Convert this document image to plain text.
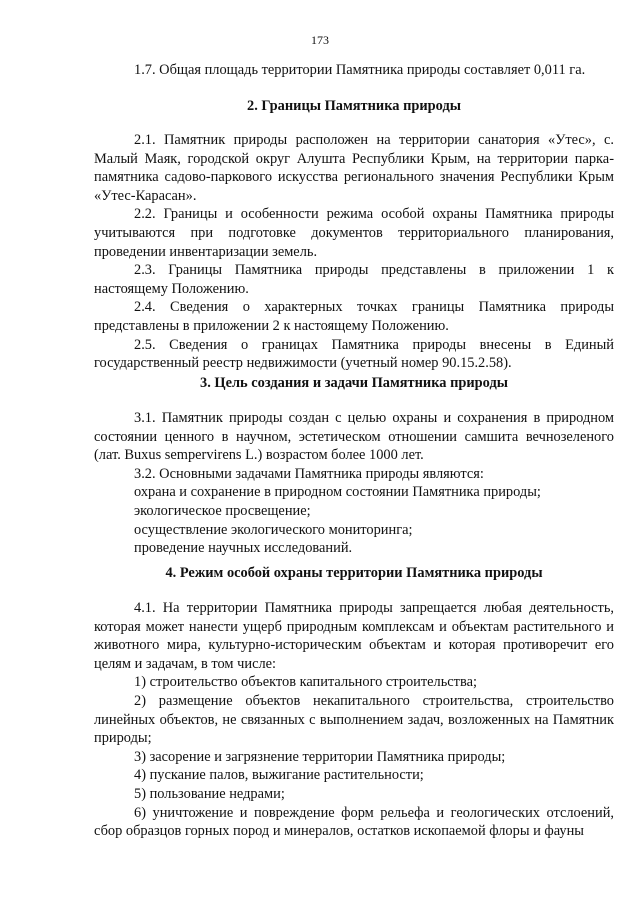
173

1.7. Общая площадь территории Памятника природы составляет 0,011 га.

2. Границы Памятника природы

2.1. Памятник природы расположен на территории санатория «Утес», с. Малый Маяк, городской округ Алушта Республики Крым, на территории парка-памятника садово-паркового искусства регионального значения Республики Крым «Утес-Карасан».

2.2. Границы и особенности режима особой охраны Памятника природы учитываются при подготовке документов территориального планирования, проведении инвентаризации земель.

2.3. Границы Памятника природы представлены в приложении 1 к настоящему Положению.

2.4. Сведения о характерных точках границы Памятника природы представлены в приложении 2 к настоящему Положению.

2.5. Сведения о границах Памятника природы внесены в Единый государственный реестр недвижимости (учетный номер 90.15.2.58).

3. Цель создания и задачи Памятника природы

3.1. Памятник природы создан с целью охраны и сохранения в природном состоянии ценного в научном, эстетическом отношении самшита вечнозеленого (лат. Buxus sempervirens L.) возрастом более 1000 лет.

3.2. Основными задачами Памятника природы являются:

охрана и сохранение в природном состоянии Памятника природы;

экологическое просвещение;

осуществление экологического мониторинга;

проведение научных исследований.

4. Режим особой охраны территории Памятника природы

4.1. На территории Памятника природы запрещается любая деятельность, которая может нанести ущерб природным комплексам и объектам растительного и животного мира, культурно-историческим объектам и которая противоречит его целям и задачам, в том числе:

1) строительство объектов капитального строительства;

2) размещение объектов некапитального строительства, строительство линейных объектов, не связанных с выполнением задач, возложенных на Памятник природы;

3) засорение и загрязнение территории Памятника природы;

4) пускание палов, выжигание растительности;

5) пользование недрами;

6) уничтожение и повреждение форм рельефа и геологических отслоений, сбор образцов горных пород и минералов, остатков ископаемой флоры и фауны
